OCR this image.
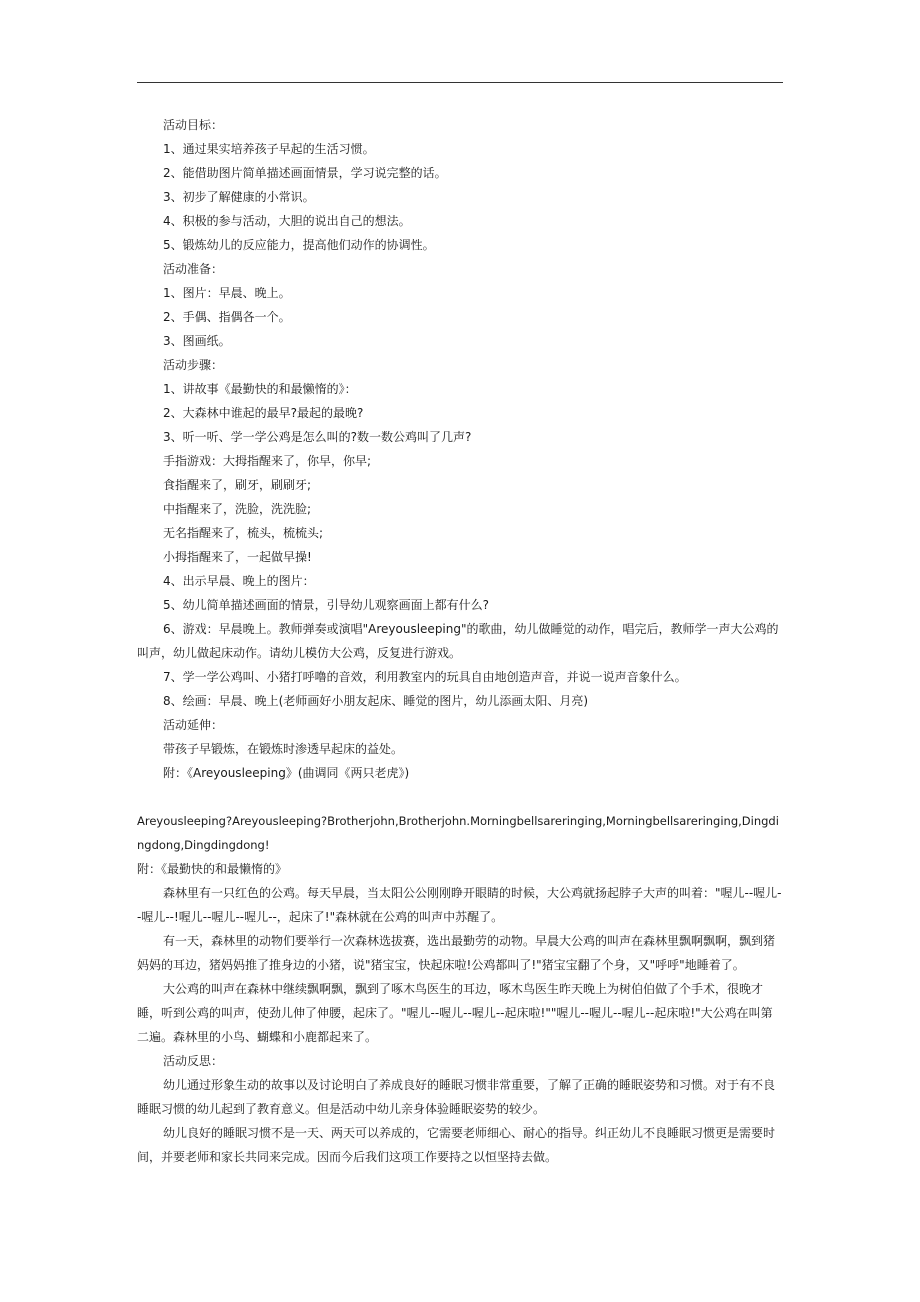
活动目标：
1、通过果实培养孩子早起的生活习惯。
2、能借助图片简单描述画面情景，学习说完整的话。
3、初步了解健康的小常识。
4、积极的参与活动，大胆的说出自己的想法。
5、锻炼幼儿的反应能力，提高他们动作的协调性。
活动准备：
1、图片：早晨、晚上。
2、手偶、指偶各一个。
3、图画纸。
活动步骤：
1、讲故事《最勤快的和最懒惰的》：
2、大森林中谁起的最早?最起的最晚?
3、听一听、学一学公鸡是怎么叫的?数一数公鸡叫了几声?
手指游戏：大拇指醒来了，你早，你早;
食指醒来了，刷牙，刷刷牙;
中指醒来了，洗脸，洗洗脸;
无名指醒来了，梳头，梳梳头;
小拇指醒来了，一起做早操!
4、出示早晨、晚上的图片：
5、幼儿简单描述画面的情景，引导幼儿观察画面上都有什么?
6、游戏：早晨晚上。教师弹奏或演唱"Areyousleeping"的歌曲，幼儿做睡觉的动作，唱完后，教师学一声大公鸡的叫声，幼儿做起床动作。请幼儿模仿大公鸡，反复进行游戏。
7、学一学公鸡叫、小猪打呼噜的音效，利用教室内的玩具自由地创造声音，并说一说声音象什么。
8、绘画：早晨、晚上(老师画好小朋友起床、睡觉的图片，幼儿添画太阳、月亮)
活动延伸：
带孩子早锻炼，在锻炼时渗透早起床的益处。
附：《Areyousleeping》(曲调同《两只老虎》)
Areyousleeping?Areyousleeping?Brotherjohn,Brotherjohn.Morningbellsareringing,Morningbellsareringing,Dingdingdong,Dingdingdong!
附：《最勤快的和最懒惰的》
森林里有一只红色的公鸡。每天早晨，当太阳公公刚刚睁开眼睛的时候，大公鸡就扬起脖子大声的叫着："喔儿--喔儿--喔儿--!喔儿--喔儿--喔儿--，起床了!"森林就在公鸡的叫声中苏醒了。
有一天，森林里的动物们要举行一次森林选拔赛，选出最勤劳的动物。早晨大公鸡的叫声在森林里飘啊飘啊，飘到猪妈妈的耳边，猪妈妈推了推身边的小猪，说"猪宝宝，快起床啦!公鸡都叫了!"猪宝宝翻了个身，又"呼呼"地睡着了。
大公鸡的叫声在森林中继续飘啊飘，飘到了啄木鸟医生的耳边，啄木鸟医生昨天晚上为树伯伯做了个手术，很晚才睡，听到公鸡的叫声，使劲儿伸了伸腰，起床了。"喔儿--喔儿--喔儿--起床啦!""喔儿--喔儿--喔儿--起床啦!"大公鸡在叫第二遍。森林里的小鸟、蝴蝶和小鹿都起来了。
活动反思：
幼儿通过形象生动的故事以及讨论明白了养成良好的睡眠习惯非常重要，了解了正确的睡眠姿势和习惯。对于有不良睡眠习惯的幼儿起到了教育意义。但是活动中幼儿亲身体验睡眠姿势的较少。
幼儿良好的睡眠习惯不是一天、两天可以养成的，它需要老师细心、耐心的指导。纠正幼儿不良睡眠习惯更是需要时间，并要老师和家长共同来完成。因而今后我们这项工作要持之以恒坚持去做。
